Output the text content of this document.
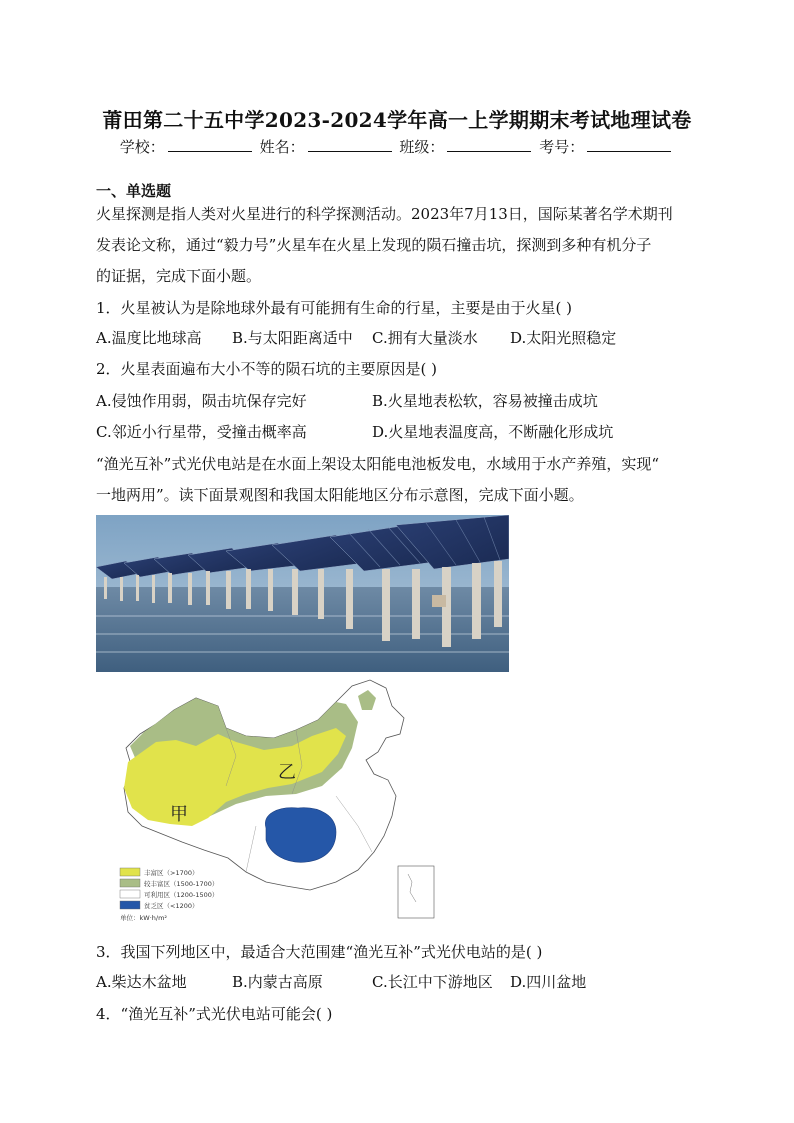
莆田第二十五中学2023-2024学年高一上学期期末考试地理试卷
学校：	姓名：	班级：	考号：
一、单选题
火星探测是指人类对火星进行的科学探测活动。2023年7月13日，国际某著名学术期刊
发表论文称，通过“毅力号”火星车在火星上发现的陨石撞击坑，探测到多种有机分子
的证据，完成下面小题。
1．火星被认为是除地球外最有可能拥有生命的行星，主要是由于火星( )
A.温度比地球高 B.与太阳距离适中 C.拥有大量淡水 D.太阳光照稳定
2．火星表面遍布大小不等的陨石坑的主要原因是( )
A.侵蚀作用弱，陨击坑保存完好	B.火星地表松软，容易被撞击成坑
C.邻近小行星带，受撞击概率高	D.火星地表温度高，不断融化形成坑
“渔光互补”式光伏电站是在水面上架设太阳能电池板发电，水域用于水产养殖，实现“
一地两用”。读下面景观图和我国太阳能地区分布示意图，完成下面小题。
乙
甲
丰富区（>1700）
较丰富区（1500-1700）
可利用区（1200-1500）
贫乏区（<1200）
单位：kW·h/m²
3．我国下列地区中，最适合大范围建“渔光互补”式光伏电站的是( )
A.柴达木盆地	B.内蒙古高原	C.长江中下游地区 D.四川盆地
4．“渔光互补”式光伏电站可能会( )
